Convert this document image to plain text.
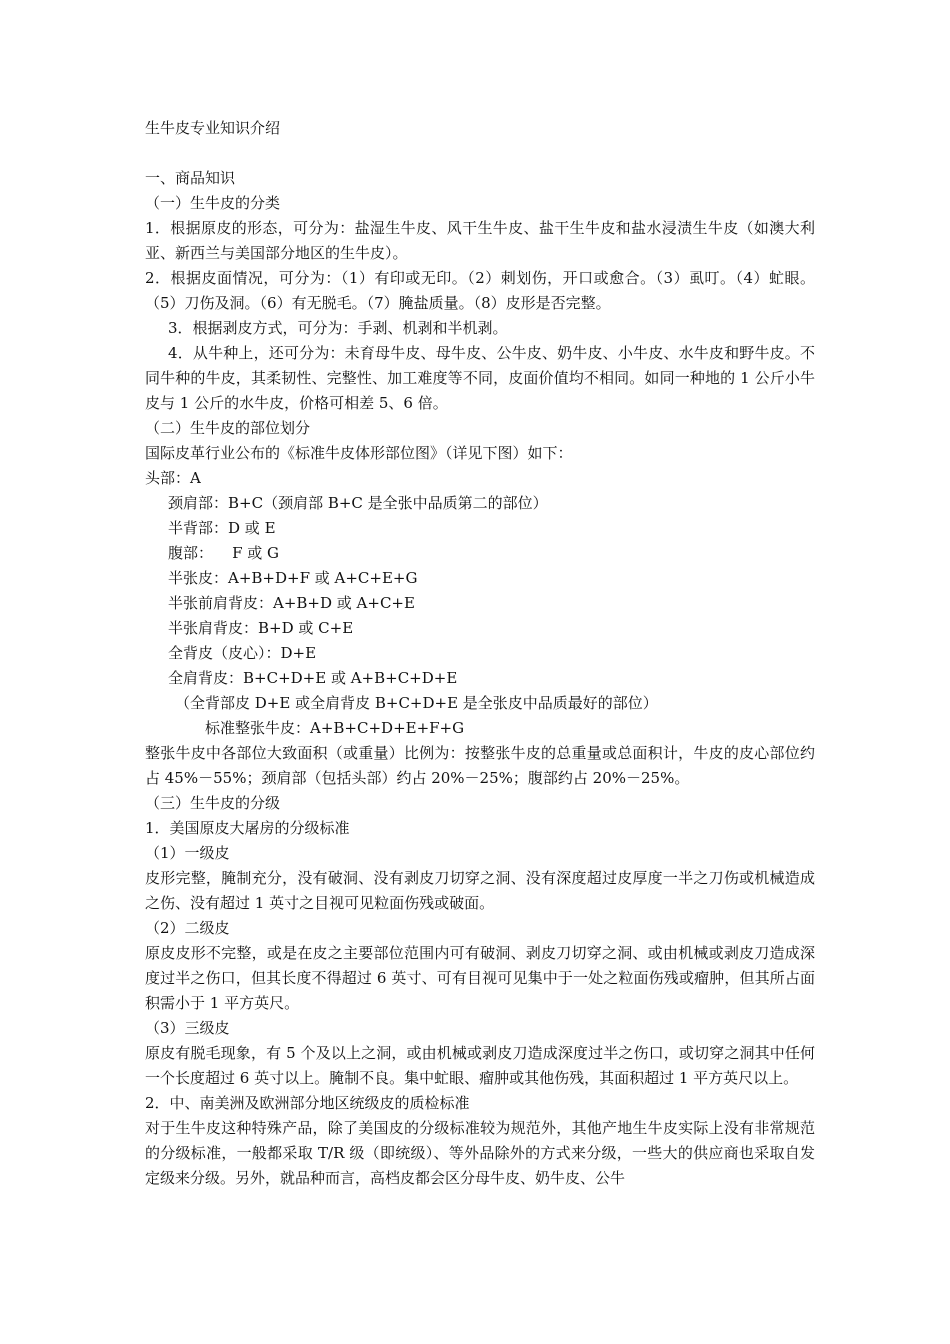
生牛皮专业知识介绍
一、商品知识
（一）生牛皮的分类
1．根据原皮的形态，可分为：盐湿生牛皮、风干生牛皮、盐干生牛皮和盐水浸渍生牛皮（如澳大利亚、新西兰与美国部分地区的生牛皮）。
2．根据皮面情况，可分为：（1）有印或无印。（2）刺划伤，开口或愈合。（3）虱叮。（4）虻眼。（5）刀伤及洞。（6）有无脱毛。（7）腌盐质量。（8）皮形是否完整。
3．根据剥皮方式，可分为：手剥、机剥和半机剥。
4．从牛种上，还可分为：未育母牛皮、母牛皮、公牛皮、奶牛皮、小牛皮、水牛皮和野牛皮。不同牛种的牛皮，其柔韧性、完整性、加工难度等不同，皮面价值均不相同。如同一种地的 1 公斤小牛皮与 1 公斤的水牛皮，价格可相差 5、6 倍。
（二）生牛皮的部位划分
国际皮革行业公布的《标准牛皮体形部位图》（详见下图）如下：
头部：A
颈肩部：B+C（颈肩部 B+C 是全张中品质第二的部位）
半背部：D 或 E
腹部：    F 或 G
半张皮：A+B+D+F 或 A+C+E+G
半张前肩背皮：A+B+D 或 A+C+E
半张肩背皮：B+D 或 C+E
全背皮（皮心）：D+E
全肩背皮：B+C+D+E 或 A+B+C+D+E
（全背部皮 D+E 或全肩背皮 B+C+D+E 是全张皮中品质最好的部位）
标准整张牛皮：A+B+C+D+E+F+G
整张牛皮中各部位大致面积（或重量）比例为：按整张牛皮的总重量或总面积计，牛皮的皮心部位约占 45%－55%；颈肩部（包括头部）约占 20%－25%；腹部约占 20%－25%。
（三）生牛皮的分级
1．美国原皮大屠房的分级标准
（1）一级皮
皮形完整，腌制充分，没有破洞、没有剥皮刀切穿之洞、没有深度超过皮厚度一半之刀伤或机械造成之伤、没有超过 1 英寸之目视可见粒面伤残或破面。
（2）二级皮
原皮皮形不完整，或是在皮之主要部位范围内可有破洞、剥皮刀切穿之洞、或由机械或剥皮刀造成深度过半之伤口，但其长度不得超过 6 英寸、可有目视可见集中于一处之粒面伤残或瘤肿，但其所占面积需小于 1 平方英尺。
（3）三级皮
原皮有脱毛现象，有 5 个及以上之洞，或由机械或剥皮刀造成深度过半之伤口，或切穿之洞其中任何一个长度超过 6 英寸以上。腌制不良。集中虻眼、瘤肿或其他伤残，其面积超过 1 平方英尺以上。
2．中、南美洲及欧洲部分地区统级皮的质检标准
对于生牛皮这种特殊产品，除了美国皮的分级标准较为规范外，其他产地生牛皮实际上没有非常规范的分级标准，一般都采取 T/R 级（即统级）、等外品除外的方式来分级，一些大的供应商也采取自发定级来分级。另外，就品种而言，高档皮都会区分母牛皮、奶牛皮、公牛
